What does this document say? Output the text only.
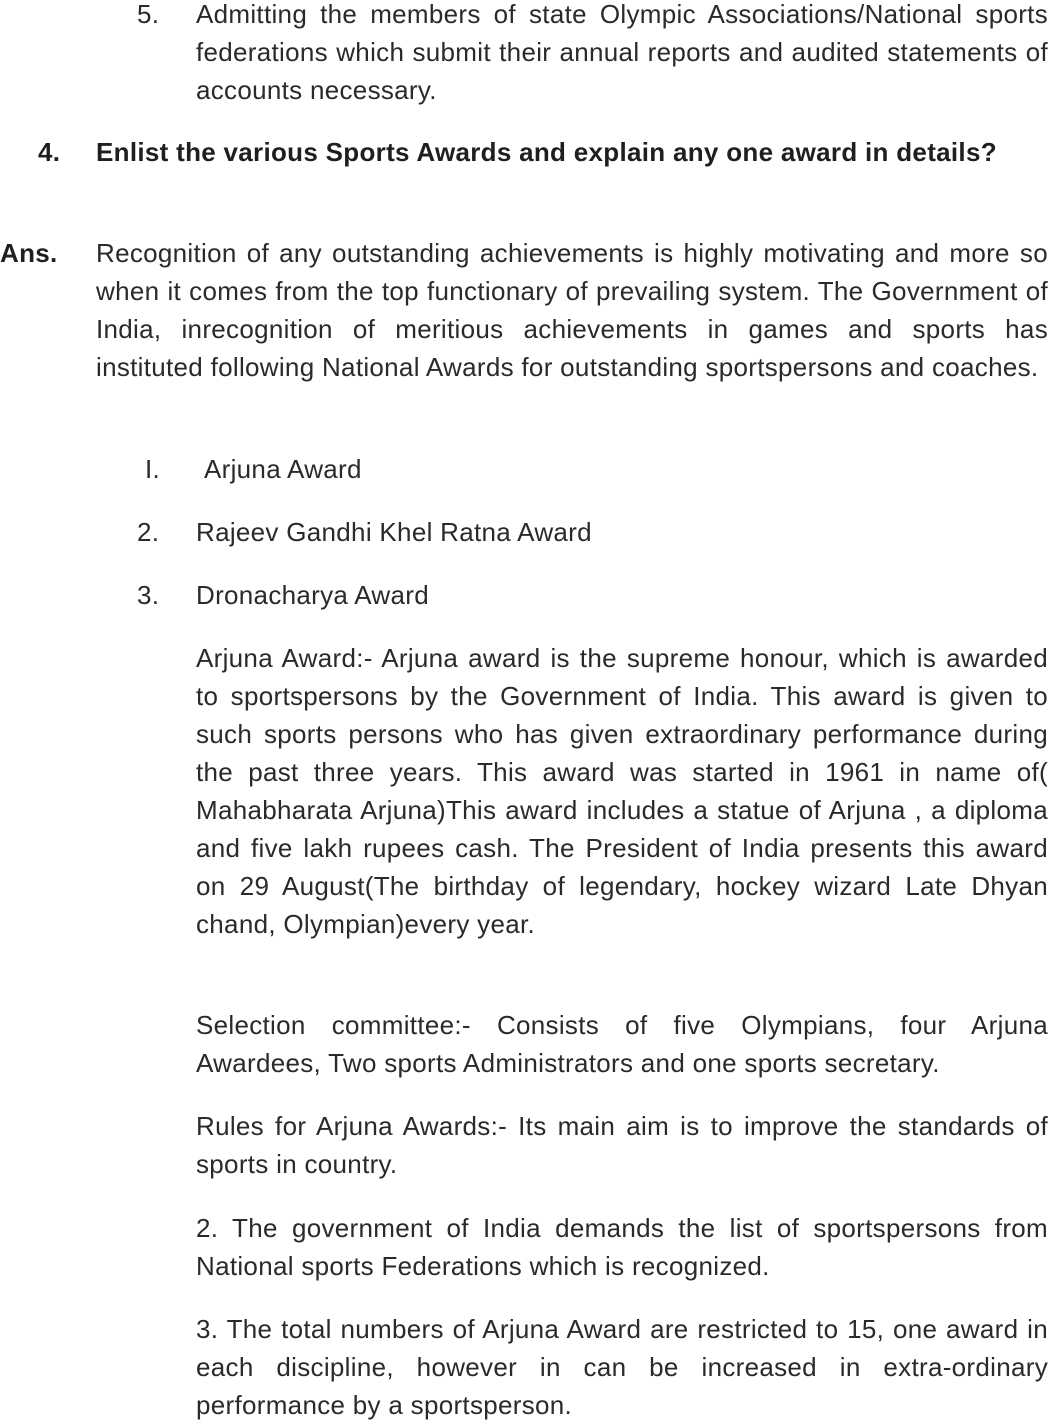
5. Admitting the members of state Olympic Associations/National sports federations which submit their annual reports and audited statements of accounts necessary.

4. Enlist the various Sports Awards and explain any one award in details?

Ans. Recognition of any outstanding achievements is highly motivating and more so when it comes from the top functionary of prevailing system. The Government of India, inrecognition of meritious achievements in games and sports has instituted following National Awards for outstanding sportspersons and coaches.

I. Arjuna Award
2. Rajeev Gandhi Khel Ratna Award
3. Dronacharya Award

Arjuna Award:- Arjuna award is the supreme honour, which is awarded to sportspersons by the Government of India. This award is given to such sports persons who has given extraordinary performance during the past three years. This award was started in 1961 in name of( Mahabharata Arjuna)This award includes a statue of Arjuna , a diploma and five lakh rupees cash. The President of India presents this award on 29 August(The birthday of legendary, hockey wizard Late Dhyan chand, Olympian)every year.

Selection committee:- Consists of five Olympians, four Arjuna Awardees, Two sports Administrators and one sports secretary.

Rules for Arjuna Awards:- Its main aim is to improve the standards of sports in country.

2. The government of India demands the list of sportspersons from National sports Federations which is recognized.

3. The total numbers of Arjuna Award are restricted to 15, one award in each discipline, however in can be increased in extra-ordinary performance by a sportsperson.
